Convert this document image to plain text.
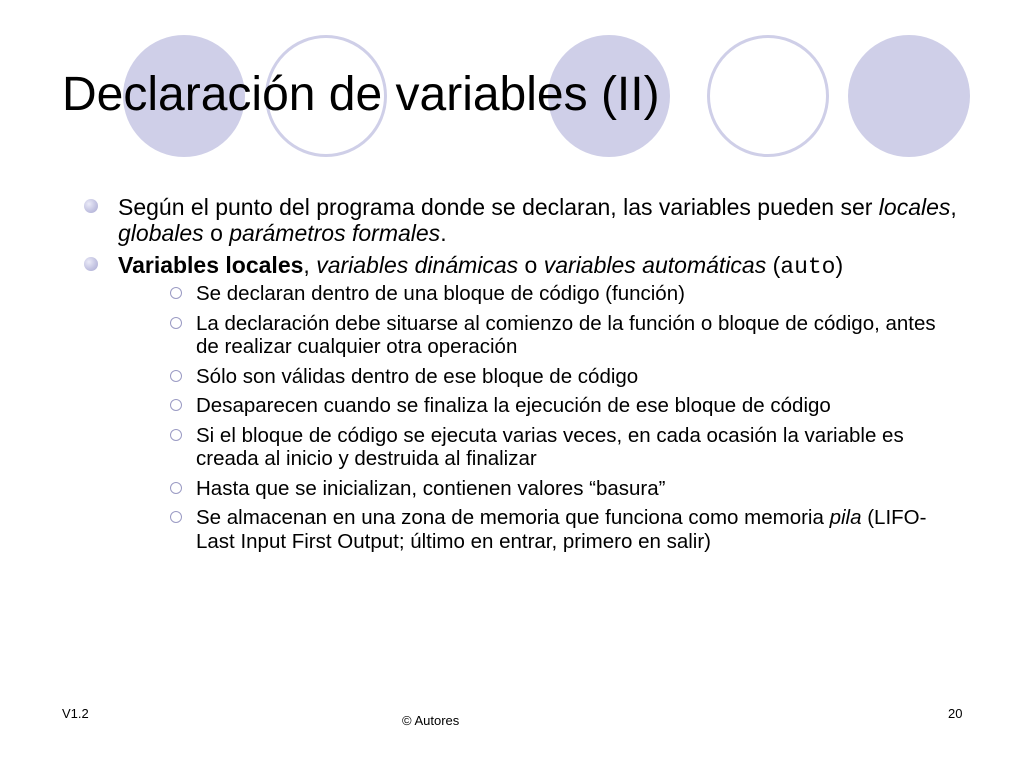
Declaración de variables (II)
Según el punto del programa donde se declaran, las variables pueden ser locales, globales o parámetros formales.
Variables locales, variables dinámicas o variables automáticas (auto)
Se declaran dentro de una bloque de código (función)
La declaración debe situarse al comienzo de la función o bloque de código, antes de realizar cualquier otra operación
Sólo son válidas dentro de ese bloque de código
Desaparecen cuando se finaliza la ejecución de ese bloque de código
Si el bloque de código se ejecuta varias veces, en cada ocasión la variable es creada al inicio y destruida al finalizar
Hasta que se inicializan, contienen valores “basura”
Se almacenan en una zona de memoria que funciona como memoria pila (LIFO-Last Input First Output; último en entrar, primero en salir)
V1.2	© Autores	20
